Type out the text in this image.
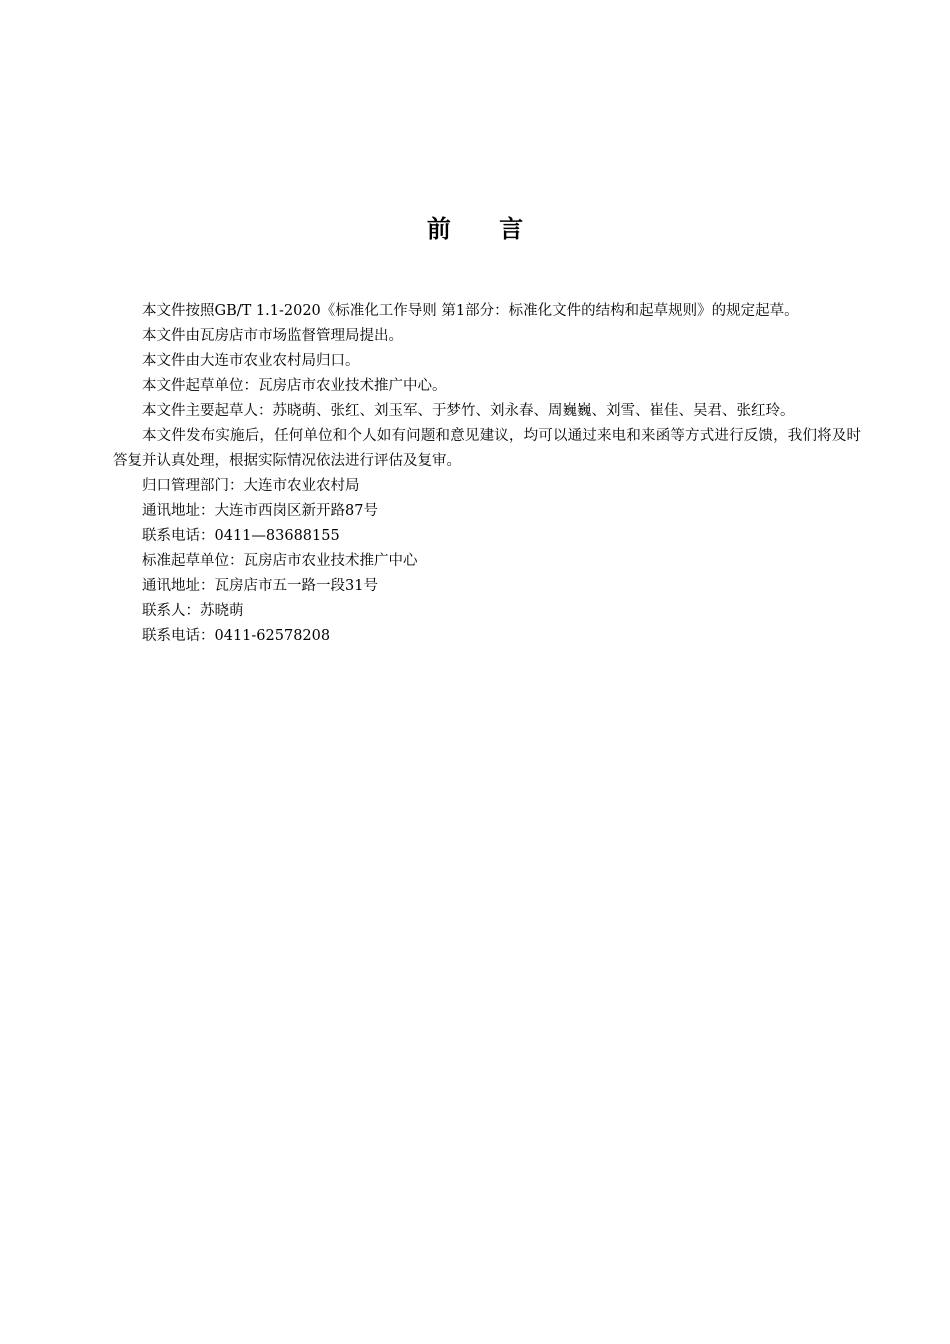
前 言

本文件按照GB/T 1.1-2020《标准化工作导则 第1部分：标准化文件的结构和起草规则》的规定起草。

本文件由瓦房店市市场监督管理局提出。

本文件由大连市农业农村局归口。

本文件起草单位：瓦房店市农业技术推广中心。

本文件主要起草人：苏晓萌、张红、刘玉军、于梦竹、刘永春、周巍巍、刘雪、崔佳、吴君、张红玲。

本文件发布实施后，任何单位和个人如有问题和意见建议，均可以通过来电和来函等方式进行反馈，我们将及时答复并认真处理，根据实际情况依法进行评估及复审。

归口管理部门：大连市农业农村局

通讯地址：大连市西岗区新开路87号

联系电话：0411—83688155

标准起草单位：瓦房店市农业技术推广中心

通讯地址：瓦房店市五一路一段31号

联系人：苏晓萌

联系电话：0411-62578208
